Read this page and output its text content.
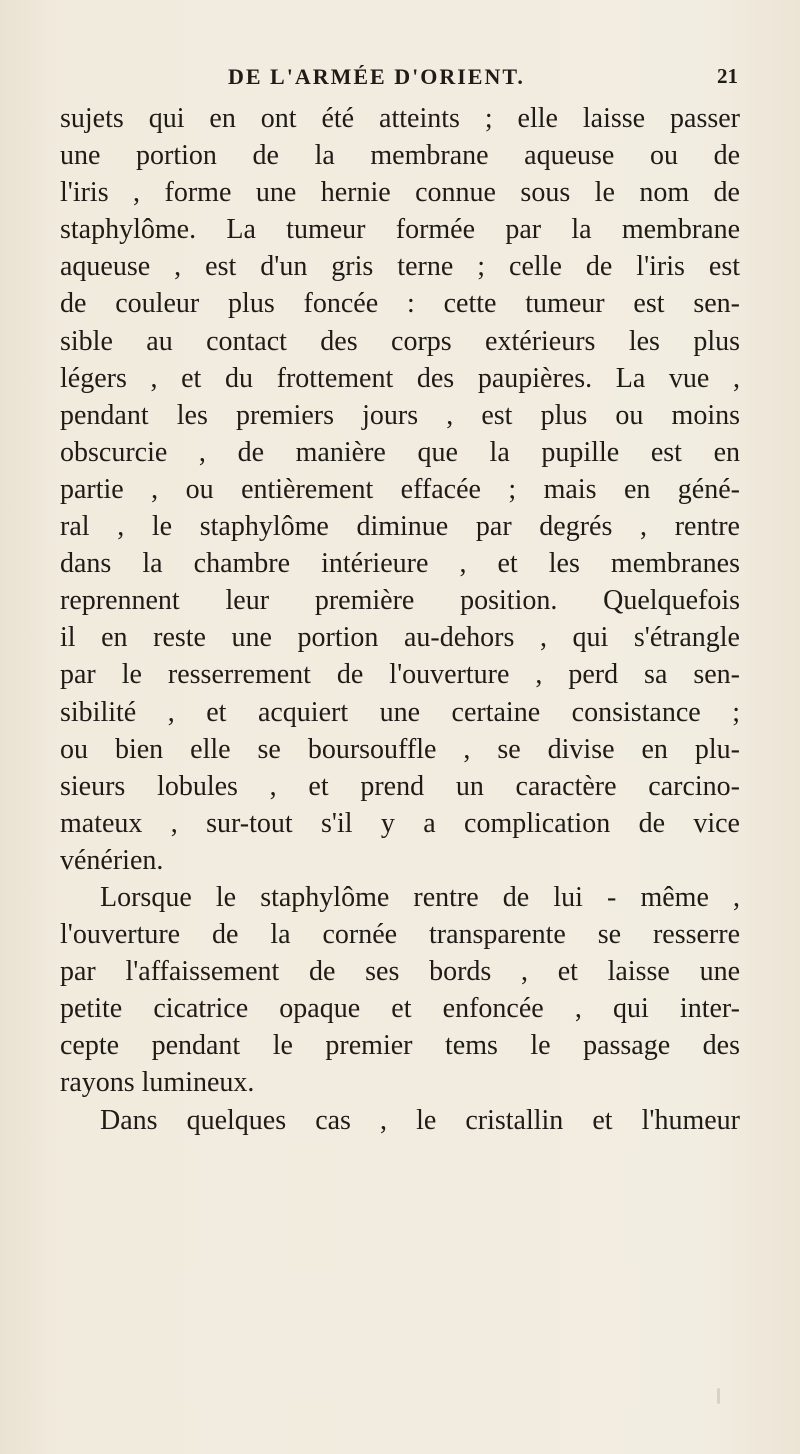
DE L'ARMÉE D'ORIENT.	21
sujets qui en ont été atteints ; elle laisse passer
une portion de la membrane aqueuse ou de
l'iris , forme une hernie connue sous le nom de
staphylôme. La tumeur formée par la membrane
aqueuse , est d'un gris terne ; celle de l'iris est
de couleur plus foncée : cette tumeur est sen-
sible au contact des corps extérieurs les plus
légers , et du frottement des paupières. La vue ,
pendant les premiers jours , est plus ou moins
obscurcie , de manière que la pupille est en
partie , ou entièrement effacée ; mais en géné-
ral , le staphylôme diminue par degrés , rentre
dans la chambre intérieure , et les membranes
reprennent leur première position. Quelquefois
il en reste une portion au-dehors , qui s'étrangle
par le resserrement de l'ouverture , perd sa sen-
sibilité , et acquiert une certaine consistance ;
ou bien elle se boursouffle , se divise en plu-
sieurs lobules , et prend un caractère carcino-
mateux , sur-tout s'il y a complication de vice
vénérien.
Lorsque le staphylôme rentre de lui - même ,
l'ouverture de la cornée transparente se resserre
par l'affaissement de ses bords , et laisse une
petite cicatrice opaque et enfoncée , qui inter-
cepte pendant le premier tems le passage des
rayons lumineux.
Dans quelques cas , le cristallin et l'humeur
